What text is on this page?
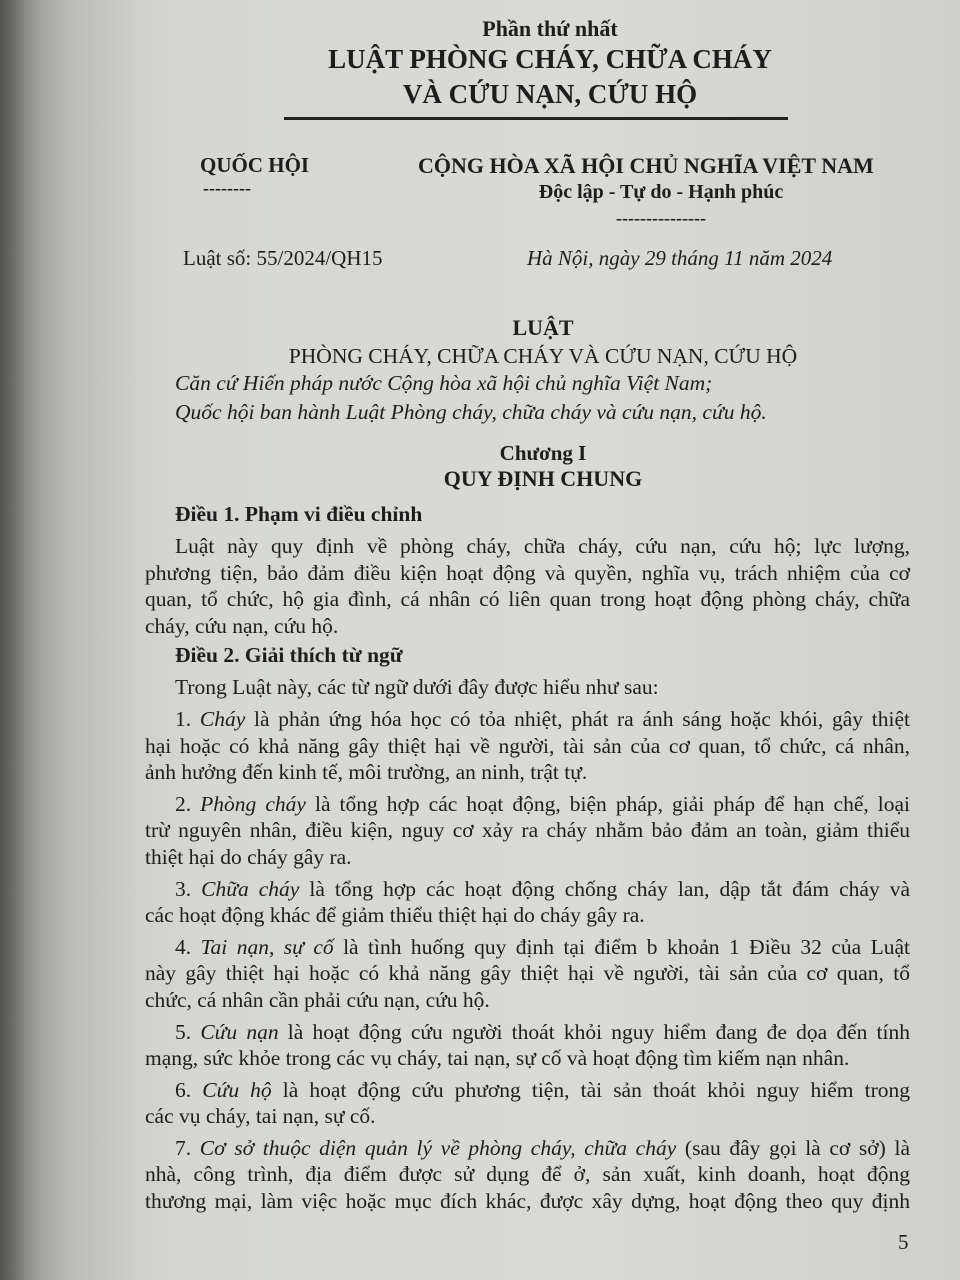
Phần thứ nhất
LUẬT PHÒNG CHÁY, CHỮA CHÁY
VÀ CỨU NẠN, CỨU HỘ
QUỐC HỘI
--------
CỘNG HÒA XÃ HỘI CHỦ NGHĨA VIỆT NAM
Độc lập - Tự do - Hạnh phúc
---------------
Luật số: 55/2024/QH15	Hà Nội, ngày 29 tháng 11 năm 2024
LUẬT
PHÒNG CHÁY, CHỮA CHÁY VÀ CỨU NẠN, CỨU HỘ
Căn cứ Hiến pháp nước Cộng hòa xã hội chủ nghĩa Việt Nam;
Quốc hội ban hành Luật Phòng cháy, chữa cháy và cứu nạn, cứu hộ.
Chương I
QUY ĐỊNH CHUNG
Điều 1. Phạm vi điều chỉnh
Luật này quy định về phòng cháy, chữa cháy, cứu nạn, cứu hộ; lực lượng,
phương tiện, bảo đảm điều kiện hoạt động và quyền, nghĩa vụ, trách nhiệm của cơ
quan, tổ chức, hộ gia đình, cá nhân có liên quan trong hoạt động phòng cháy, chữa
cháy, cứu nạn, cứu hộ.
Điều 2. Giải thích từ ngữ
Trong Luật này, các từ ngữ dưới đây được hiểu như sau:
1. Cháy là phản ứng hóa học có tỏa nhiệt, phát ra ánh sáng hoặc khói, gây thiệt
hại hoặc có khả năng gây thiệt hại về người, tài sản của cơ quan, tổ chức, cá nhân,
ảnh hưởng đến kinh tế, môi trường, an ninh, trật tự.
2. Phòng cháy là tổng hợp các hoạt động, biện pháp, giải pháp để hạn chế, loại
trừ nguyên nhân, điều kiện, nguy cơ xảy ra cháy nhằm bảo đảm an toàn, giảm thiểu
thiệt hại do cháy gây ra.
3. Chữa cháy là tổng hợp các hoạt động chống cháy lan, dập tắt đám cháy và
các hoạt động khác để giảm thiểu thiệt hại do cháy gây ra.
4. Tai nạn, sự cố là tình huống quy định tại điểm b khoản 1 Điều 32 của Luật
này gây thiệt hại hoặc có khả năng gây thiệt hại về người, tài sản của cơ quan, tổ
chức, cá nhân cần phải cứu nạn, cứu hộ.
5. Cứu nạn là hoạt động cứu người thoát khỏi nguy hiểm đang đe dọa đến tính
mạng, sức khỏe trong các vụ cháy, tai nạn, sự cố và hoạt động tìm kiếm nạn nhân.
6. Cứu hộ là hoạt động cứu phương tiện, tài sản thoát khỏi nguy hiểm trong
các vụ cháy, tai nạn, sự cố.
7. Cơ sở thuộc diện quản lý về phòng cháy, chữa cháy (sau đây gọi là cơ sở) là
nhà, công trình, địa điểm được sử dụng để ở, sản xuất, kinh doanh, hoạt động
thương mại, làm việc hoặc mục đích khác, được xây dựng, hoạt động theo quy định
5
